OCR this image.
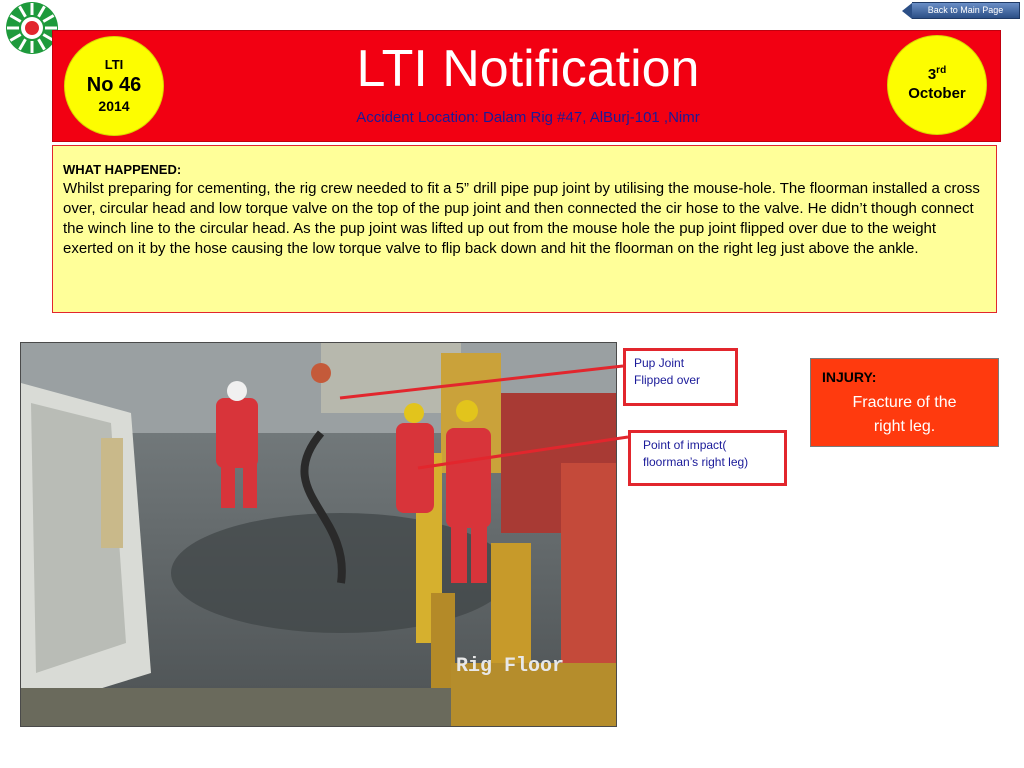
Back to Main Page
LTI
No 46
2014
LTI Notification
Accident Location: Dalam Rig #47, AlBurj-101 ,Nimr
3rd
October
WHAT HAPPENED:
Whilst preparing for cementing, the rig crew needed to fit a 5” drill pipe pup joint by utilising the mouse-hole. The floorman installed a cross over, circular head and low torque valve on the top of the pup joint and then connected the cir hose to the valve. He didn’t though connect the winch line to the circular head. As the pup joint was lifted up out from the mouse hole the pup joint flipped over due to the weight exerted on it by the hose causing the low torque valve to flip back down and hit the floorman on the right leg just above the ankle.
Rig Floor
Pup Joint
Flipped over
Point of impact(
floorman’s right leg)
INJURY:
Fracture of the
right leg.
